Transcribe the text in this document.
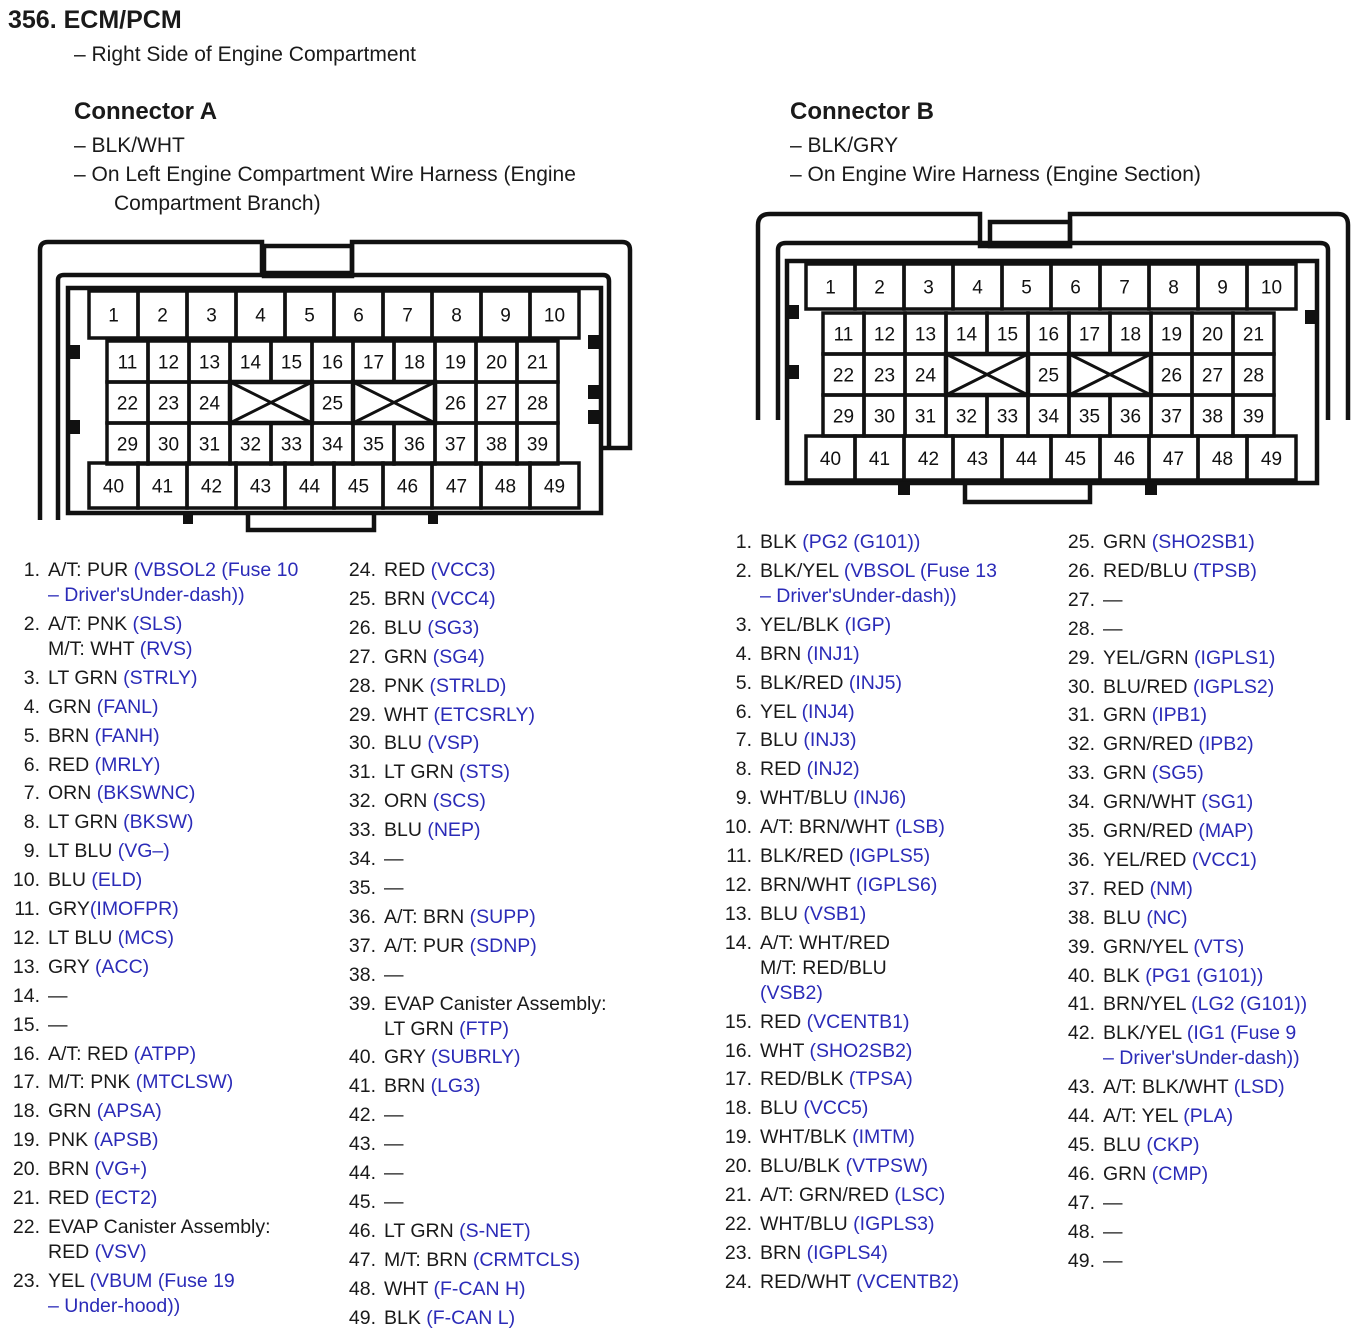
356. ECM/PCM
– Right Side of Engine Compartment
Connector A
– BLK/WHT
– On Left Engine Compartment Wire Harness (Engine
Compartment Branch)
Connector B
– BLK/GRY
– On Engine Wire Harness (Engine Section)
1 2 3 4 5 6 7 8 9 10
11 12 13 14 15 16 17 18 19 20 21
22 23 24	25	26 27 28
29 30 31 32 33 34 35 36 37 38 39
40 41 42 43 44 45 46 47 48 49
1 2 3 4 5 6 7 8 9 10
11 12 13 14 15 16 17 18 19 20 21
22 23 24	25	26 27 28
29 30 31 32 33 34 35 36 37 38 39
40 41 42 43 44 45 46 47 48 49
1. A/T: PUR (VBSOL2 (Fuse 10
– Driver'sUnder-dash))
2. A/T: PNK (SLS)
M/T: WHT (RVS)
3. LT GRN (STRLY)
4. GRN (FANL)
5. BRN (FANH)
6. RED (MRLY)
7. ORN (BKSWNC)
8. LT GRN (BKSW)
9. LT BLU (VG–)
10. BLU (ELD)
11. GRY(IMOFPR)
12. LT BLU (MCS)
13. GRY (ACC)
14. —
15. —
16. A/T: RED (ATPP)
17. M/T: PNK (MTCLSW)
18. GRN (APSA)
19. PNK (APSB)
20. BRN (VG+)
21. RED (ECT2)
22. EVAP Canister Assembly:
RED (VSV)
23. YEL (VBUM (Fuse 19
– Under-hood))
24. RED (VCC3)
25. BRN (VCC4)
26. BLU (SG3)
27. GRN (SG4)
28. PNK (STRLD)
29. WHT (ETCSRLY)
30. BLU (VSP)
31. LT GRN (STS)
32. ORN (SCS)
33. BLU (NEP)
34. —
35. —
36. A/T: BRN (SUPP)
37. A/T: PUR (SDNP)
38. —
39. EVAP Canister Assembly:
LT GRN (FTP)
40. GRY (SUBRLY)
41. BRN (LG3)
42. —
43. —
44. —
45. —
46. LT GRN (S-NET)
47. M/T: BRN (CRMTCLS)
48. WHT (F-CAN H)
49. BLK (F-CAN L)
1. BLK (PG2 (G101))
2. BLK/YEL (VBSOL (Fuse 13
– Driver'sUnder-dash))
3. YEL/BLK (IGP)
4. BRN (INJ1)
5. BLK/RED (INJ5)
6. YEL (INJ4)
7. BLU (INJ3)
8. RED (INJ2)
9. WHT/BLU (INJ6)
10. A/T: BRN/WHT (LSB)
11. BLK/RED (IGPLS5)
12. BRN/WHT (IGPLS6)
13. BLU (VSB1)
14. A/T: WHT/RED
M/T: RED/BLU
(VSB2)
15. RED (VCENTB1)
16. WHT (SHO2SB2)
17. RED/BLK (TPSA)
18. BLU (VCC5)
19. WHT/BLK (IMTM)
20. BLU/BLK (VTPSW)
21. A/T: GRN/RED (LSC)
22. WHT/BLU (IGPLS3)
23. BRN (IGPLS4)
24. RED/WHT (VCENTB2)
25. GRN (SHO2SB1)
26. RED/BLU (TPSB)
27. —
28. —
29. YEL/GRN (IGPLS1)
30. BLU/RED (IGPLS2)
31. GRN (IPB1)
32. GRN/RED (IPB2)
33. GRN (SG5)
34. GRN/WHT (SG1)
35. GRN/RED (MAP)
36. YEL/RED (VCC1)
37. RED (NM)
38. BLU (NC)
39. GRN/YEL (VTS)
40. BLK (PG1 (G101))
41. BRN/YEL (LG2 (G101))
42. BLK/YEL (IG1 (Fuse 9
– Driver'sUnder-dash))
43. A/T: BLK/WHT (LSD)
44. A/T: YEL (PLA)
45. BLU (CKP)
46. GRN (CMP)
47. —
48. —
49. —
